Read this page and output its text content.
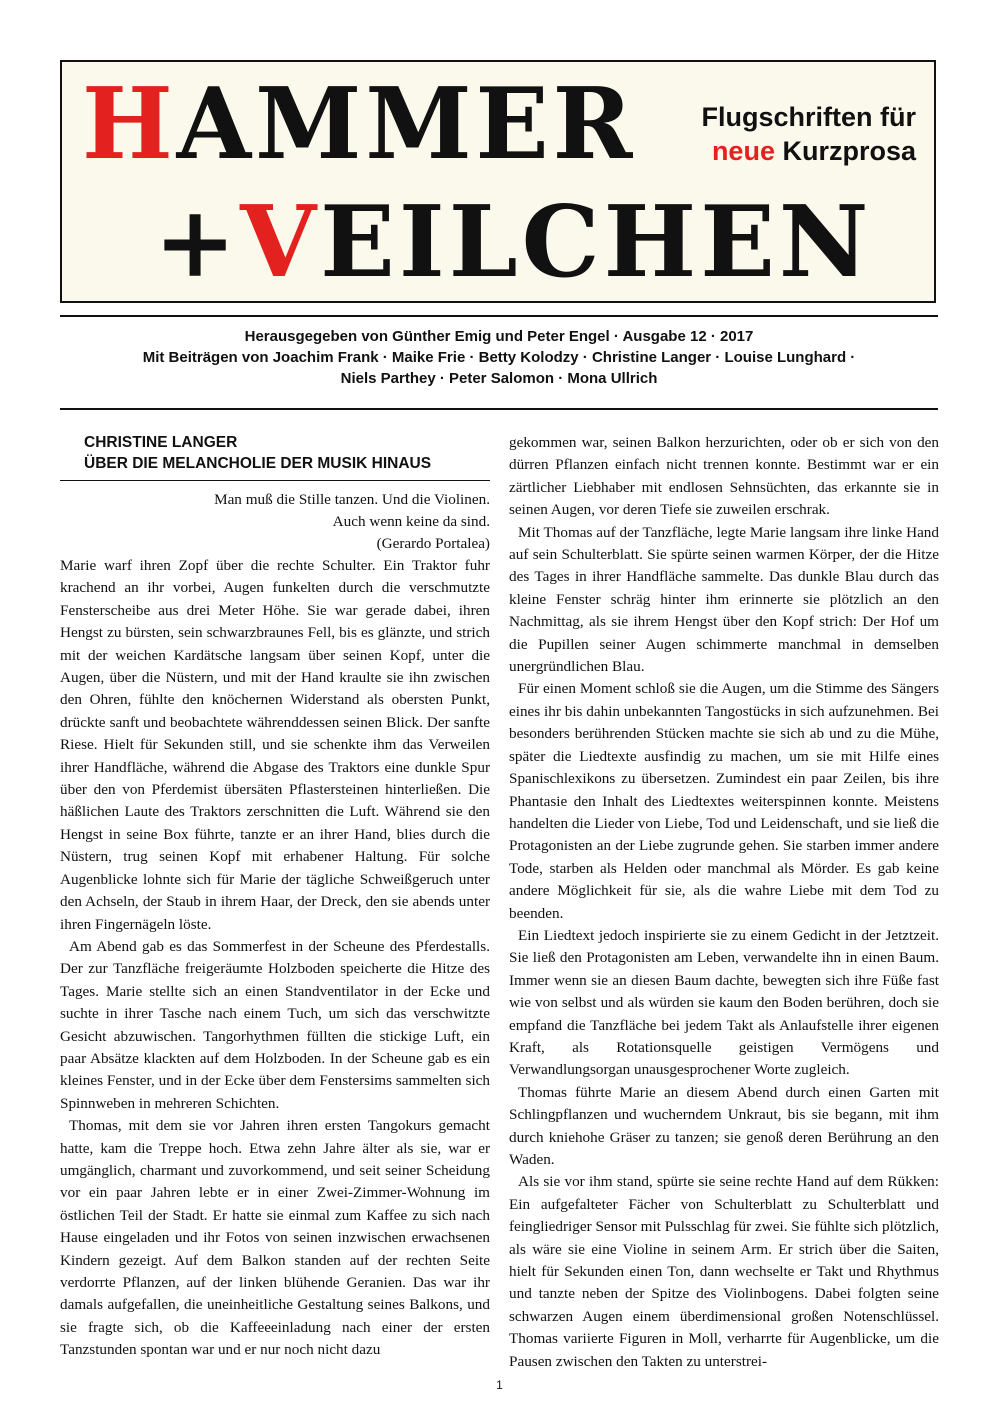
HAMMER
+VEILCHEN
Flugschriften für
neue Kurzprosa
Herausgegeben von Günther Emig und Peter Engel · Ausgabe 12 · 2017
Mit Beiträgen von Joachim Frank · Maike Frie · Betty Kolodzy · Christine Langer · Louise Lunghard ·
Niels Parthey · Peter Salomon · Mona Ullrich
CHRISTINE LANGER
ÜBER DIE MELANCHOLIE DER MUSIK HINAUS
Man muß die Stille tanzen. Und die Violinen.
Auch wenn keine da sind.
(Gerardo Portalea)

Marie warf ihren Zopf über die rechte Schulter. Ein Traktor fuhr krachend an ihr vorbei, Augen funkelten durch die verschmutzte Fensterscheibe aus drei Meter Höhe. Sie war gerade dabei, ihren Hengst zu bürsten, sein schwarzbraunes Fell, bis es glänzte, und strich mit der weichen Kardätsche langsam über seinen Kopf, unter die Augen, über die Nüstern, und mit der Hand kraulte sie ihn zwischen den Ohren, fühlte den knöchernen Widerstand als obersten Punkt, drückte sanft und beobachtete währenddessen seinen Blick. Der sanfte Riese. Hielt für Sekunden still, und sie schenkte ihm das Verweilen ihrer Handfläche, während die Abgase des Traktors eine dunkle Spur über den von Pferdemist übersäten Pflastersteinen hinterließen. Die häßlichen Laute des Traktors zerschnitten die Luft. Während sie den Hengst in seine Box führte, tanzte er an ihrer Hand, blies durch die Nüstern, trug seinen Kopf mit erhabener Haltung. Für solche Augenblicke lohnte sich für Marie der tägliche Schweißgeruch unter den Achseln, der Staub in ihrem Haar, der Dreck, den sie abends unter ihren Fingernägeln löste.

Am Abend gab es das Sommerfest in der Scheune des Pferdestalls. Der zur Tanzfläche freigeräumte Holzboden speicherte die Hitze des Tages. Marie stellte sich an einen Standventilator in der Ecke und suchte in ihrer Tasche nach einem Tuch, um sich das verschwitzte Gesicht abzuwischen. Tangorhythmen füllten die stickige Luft, ein paar Absätze klackten auf dem Holzboden. In der Scheune gab es ein kleines Fenster, und in der Ecke über dem Fenstersims sammelten sich Spinnweben in mehreren Schichten.

Thomas, mit dem sie vor Jahren ihren ersten Tangokurs gemacht hatte, kam die Treppe hoch. Etwa zehn Jahre älter als sie, war er umgänglich, charmant und zuvorkommend, und seit seiner Scheidung vor ein paar Jahren lebte er in einer Zwei-Zimmer-Wohnung im östlichen Teil der Stadt. Er hatte sie einmal zum Kaffee zu sich nach Hause eingeladen und ihr Fotos von seinen inzwischen erwachsenen Kindern gezeigt. Auf dem Balkon standen auf der rechten Seite verdorrte Pflanzen, auf der linken blühende Geranien. Das war ihr damals aufgefallen, die uneinheitliche Gestaltung seines Balkons, und sie fragte sich, ob die Kaffeeeinladung nach einer der ersten Tanzstunden spontan war und er nur noch nicht dazu

gekommen war, seinen Balkon herzurichten, oder ob er sich von den dürren Pflanzen einfach nicht trennen konnte. Bestimmt war er ein zärtlicher Liebhaber mit endlosen Sehnsüchten, das erkannte sie in seinen Augen, vor deren Tiefe sie zuweilen erschrak.

Mit Thomas auf der Tanzfläche, legte Marie langsam ihre linke Hand auf sein Schulterblatt. Sie spürte seinen warmen Körper, der die Hitze des Tages in ihrer Handfläche sammelte. Das dunkle Blau durch das kleine Fenster schräg hinter ihm erinnerte sie plötzlich an den Nachmittag, als sie ihrem Hengst über den Kopf strich: Der Hof um die Pupillen seiner Augen schimmerte manchmal in demselben unergründlichen Blau.

Für einen Moment schloß sie die Augen, um die Stimme des Sängers eines ihr bis dahin unbekannten Tangostücks in sich aufzunehmen. Bei besonders berührenden Stücken machte sie sich ab und zu die Mühe, später die Liedtexte ausfindig zu machen, um sie mit Hilfe eines Spanischlexikons zu übersetzen. Zumindest ein paar Zeilen, bis ihre Phantasie den Inhalt des Liedtextes weiterspinnen konnte. Meistens handelten die Lieder von Liebe, Tod und Leidenschaft, und sie ließ die Protagonisten an der Liebe zugrunde gehen. Sie starben immer andere Tode, starben als Helden oder manchmal als Mörder. Es gab keine andere Möglichkeit für sie, als die wahre Liebe mit dem Tod zu beenden.

Ein Liedtext jedoch inspirierte sie zu einem Gedicht in der Jetztzeit. Sie ließ den Protagonisten am Leben, verwandelte ihn in einen Baum. Immer wenn sie an diesen Baum dachte, bewegten sich ihre Füße fast wie von selbst und als würden sie kaum den Boden berühren, doch sie empfand die Tanzfläche bei jedem Takt als Anlaufstelle ihrer eigenen Kraft, als Rotationsquelle geistigen Vermögens und Verwandlungsorgan unausgesprochener Worte zugleich.

Thomas führte Marie an diesem Abend durch einen Garten mit Schlingpflanzen und wucherndem Unkraut, bis sie begann, mit ihm durch kniehohe Gräser zu tanzen; sie genoß deren Berührung an den Waden.

Als sie vor ihm stand, spürte sie seine rechte Hand auf dem Rükken: Ein aufgefalteter Fächer von Schulterblatt zu Schulterblatt und feingliedriger Sensor mit Pulsschlag für zwei. Sie fühlte sich plötzlich, als wäre sie eine Violine in seinem Arm. Er strich über die Saiten, hielt für Sekunden einen Ton, dann wechselte er Takt und Rhythmus und tanzte neben der Spitze des Violinbogens. Dabei folgten seine schwarzen Augen einem überdimensional großen Notenschlüssel. Thomas variierte Figuren in Moll, verharrte für Augenblicke, um die Pausen zwischen den Takten zu unterstrei-

1
